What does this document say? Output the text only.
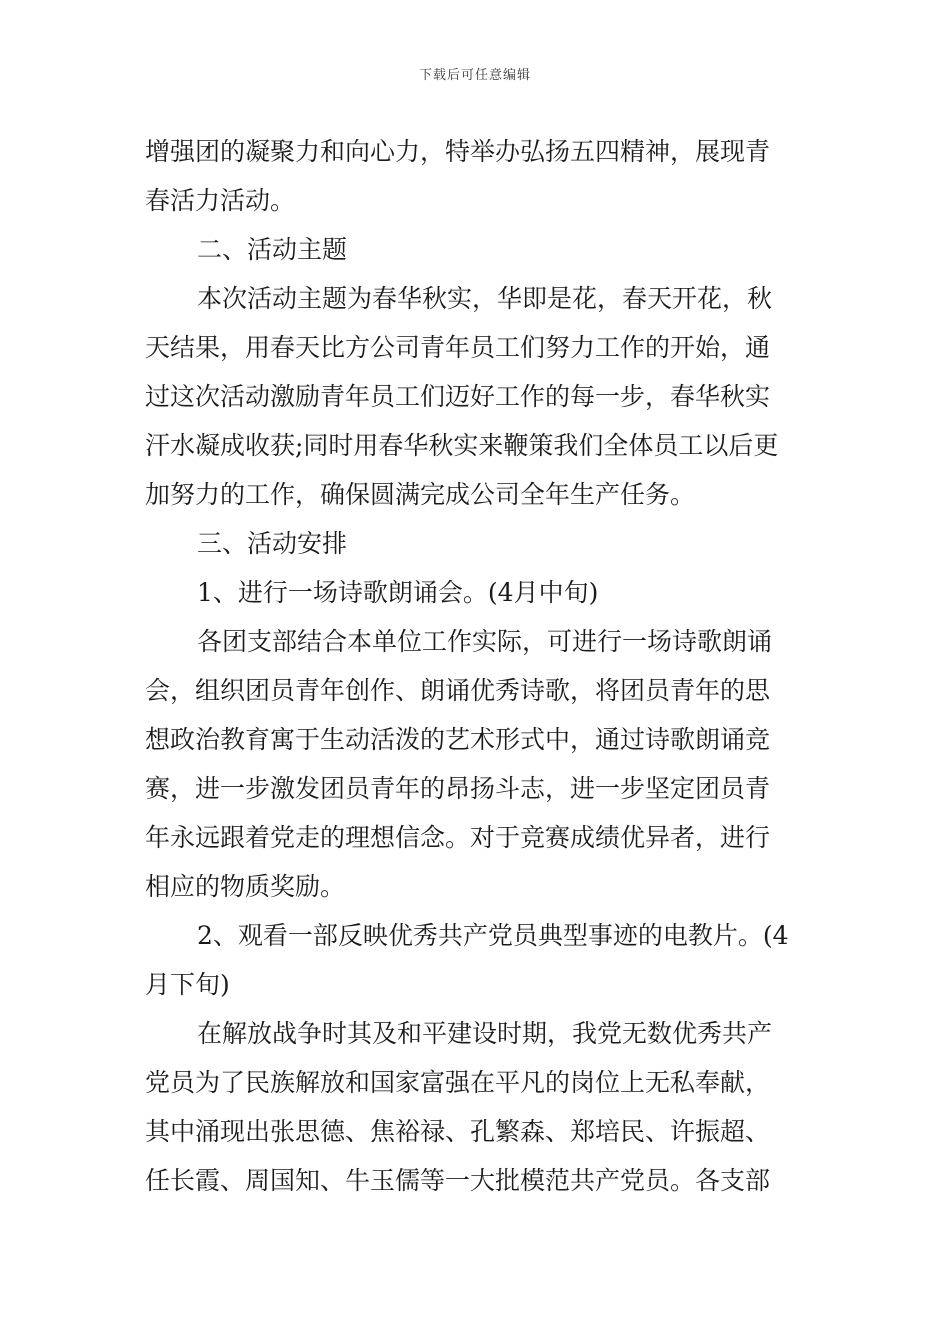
下载后可任意编辑
增强团的凝聚力和向心力，特举办弘扬五四精神，展现青
春活力活动。
二、活动主题
本次活动主题为春华秋实，华即是花，春天开花，秋
天结果，用春天比方公司青年员工们努力工作的开始，通
过这次活动激励青年员工们迈好工作的每一步，春华秋实
汗水凝成收获;同时用春华秋实来鞭策我们全体员工以后更
加努力的工作，确保圆满完成公司全年生产任务。
三、活动安排
1、进行一场诗歌朗诵会。(4月中旬)
各团支部结合本单位工作实际，可进行一场诗歌朗诵
会，组织团员青年创作、朗诵优秀诗歌，将团员青年的思
想政治教育寓于生动活泼的艺术形式中，通过诗歌朗诵竞
赛，进一步激发团员青年的昂扬斗志，进一步坚定团员青
年永远跟着党走的理想信念。对于竞赛成绩优异者，进行
相应的物质奖励。
2、观看一部反映优秀共产党员典型事迹的电教片。(4
月下旬)
在解放战争时其及和平建设时期，我党无数优秀共产
党员为了民族解放和国家富强在平凡的岗位上无私奉献，
其中涌现出张思德、焦裕禄、孔繁森、郑培民、许振超、
任长霞、周国知、牛玉儒等一大批模范共产党员。各支部
